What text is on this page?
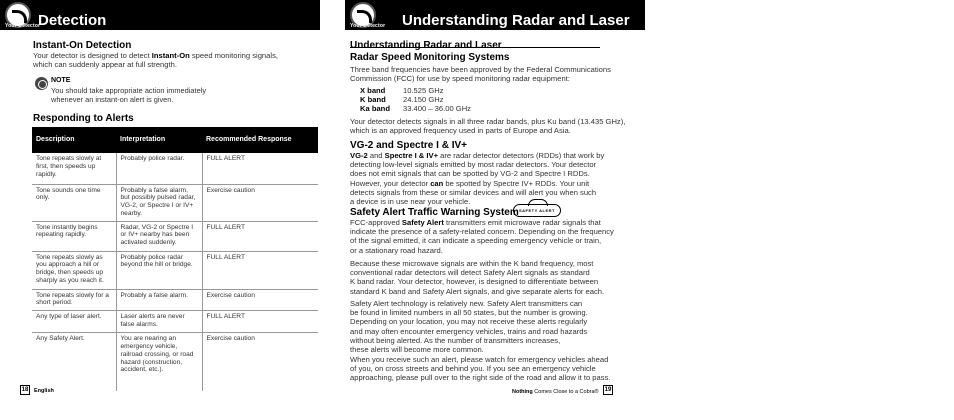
Your Detector
Detection
Instant-On Detection
Your detector is designed to detect Instant-On speed monitoring signals,
which can suddenly appear at full strength.
NOTE
You should take appropriate action immediately
whenever an instant-on alert is given.
Responding to Alerts
Description	Interpretation	Recommended Response
Tone repeats slowly at first, then speeds up rapidly.	Probably police radar.	FULL ALERT
Tone sounds one time only.	Probably a false alarm, but possibly pulsed radar, VG-2, or Spectre I or IV+ nearby.	Exercise caution
Tone instantly begins repeating rapidly.	Radar, VG-2 or Spectre I or IV+ nearby has been activated suddenly.	FULL ALERT
Tone repeats slowly as you approach a hill or bridge, then speeds up sharply as you reach it.	Probably police radar beyond the hill or bridge.	FULL ALERT
Tone repeats slowly for a short period.	Probably a false alarm.	Exercise caution
Any type of laser alert.	Laser alerts are never false alarms.	FULL ALERT
Any Safety Alert.	You are nearing an emergency vehicle, railroad crossing, or road hazard (construction, accident, etc.).	Exercise caution
18	English
Your Detector Understanding Radar and Laser
Understanding Radar and Laser
Radar Speed Monitoring Systems
Three band frequencies have been approved by the Federal Communications
Commission (FCC) for use by speed monitoring radar equipment:
X band	10.525 GHz
K band	24.150 GHz
Ka band	33.400 – 36.00 GHz
Your detector detects signals in all three radar bands, plus Ku band (13.435 GHz),
which is an approved frequency used in parts of Europe and Asia.
VG-2 and Spectre I & IV+
VG-2 and Spectre I & IV+ are radar detector detectors (RDDs) that work by
detecting low-level signals emitted by most radar detectors. Your detector
does not emit signals that can be spotted by VG-2 and Spectre I RDDs.
However, your detector can be spotted by Spectre IV+ RDDs. Your unit
detects signals from these or similar devices and will alert you when such
a device is in use near your vehicle.
Safety Alert Traffic Warning System SAFETY ALERT
FCC-approved Safety Alert transmitters emit microwave radar signals that
indicate the presence of a safety-related concern. Depending on the frequency
of the signal emitted, it can indicate a speeding emergency vehicle or train,
or a stationary road hazard.
Because these microwave signals are within the K band frequency, most
conventional radar detectors will detect Safety Alert signals as standard
K band radar. Your detector, however, is designed to differentiate between
standard K band and Safety Alert signals, and give separate alerts for each.
Safety Alert technology is relatively new. Safety Alert transmitters can
be found in limited numbers in all 50 states, but the number is growing.
Depending on your location, you may not receive these alerts regularly
and may often encounter emergency vehicles, trains and road hazards
without being alerted. As the number of transmitters increases,
these alerts will become more common.
When you receive such an alert, please watch for emergency vehicles ahead
of you, on cross streets and behind you. If you see an emergency vehicle
approaching, please pull over to the right side of the road and allow it to pass.
Nothing Comes Close to a Cobra® 19
